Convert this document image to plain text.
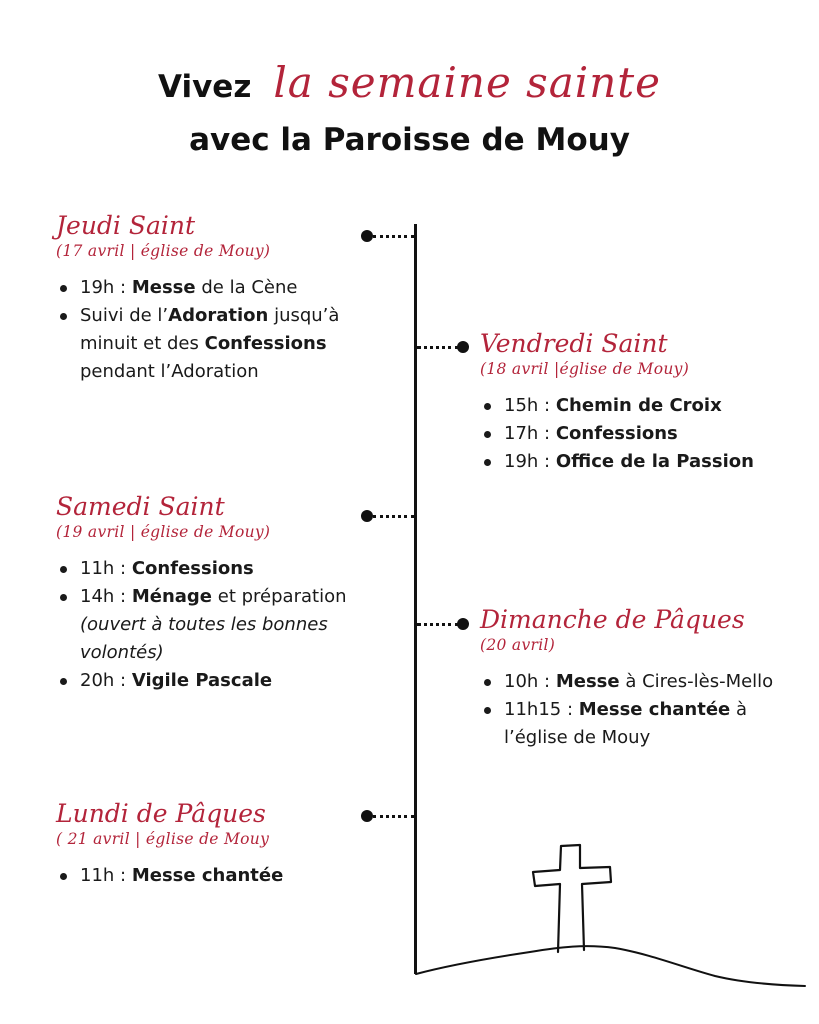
Vivez la semaine sainte
avec la Paroisse de Mouy
Jeudi Saint
(17 avril | église de Mouy)
19h : Messe de la Cène
Suivi de l’Adoration jusqu’à minuit et des Confessions pendant l’Adoration
Vendredi Saint
(18 avril |église de Mouy)
15h : Chemin de Croix
17h : Confessions
19h : Office de la Passion
Samedi Saint
(19 avril | église de Mouy)
11h : Confessions
14h : Ménage et préparation (ouvert à toutes les bonnes volontés)
20h : Vigile Pascale
Dimanche de Pâques
(20 avril)
10h : Messe à Cires-lès-Mello
11h15 : Messe chantée à l’église de Mouy
Lundi de Pâques
( 21 avril | église de Mouy
11h : Messe chantée
